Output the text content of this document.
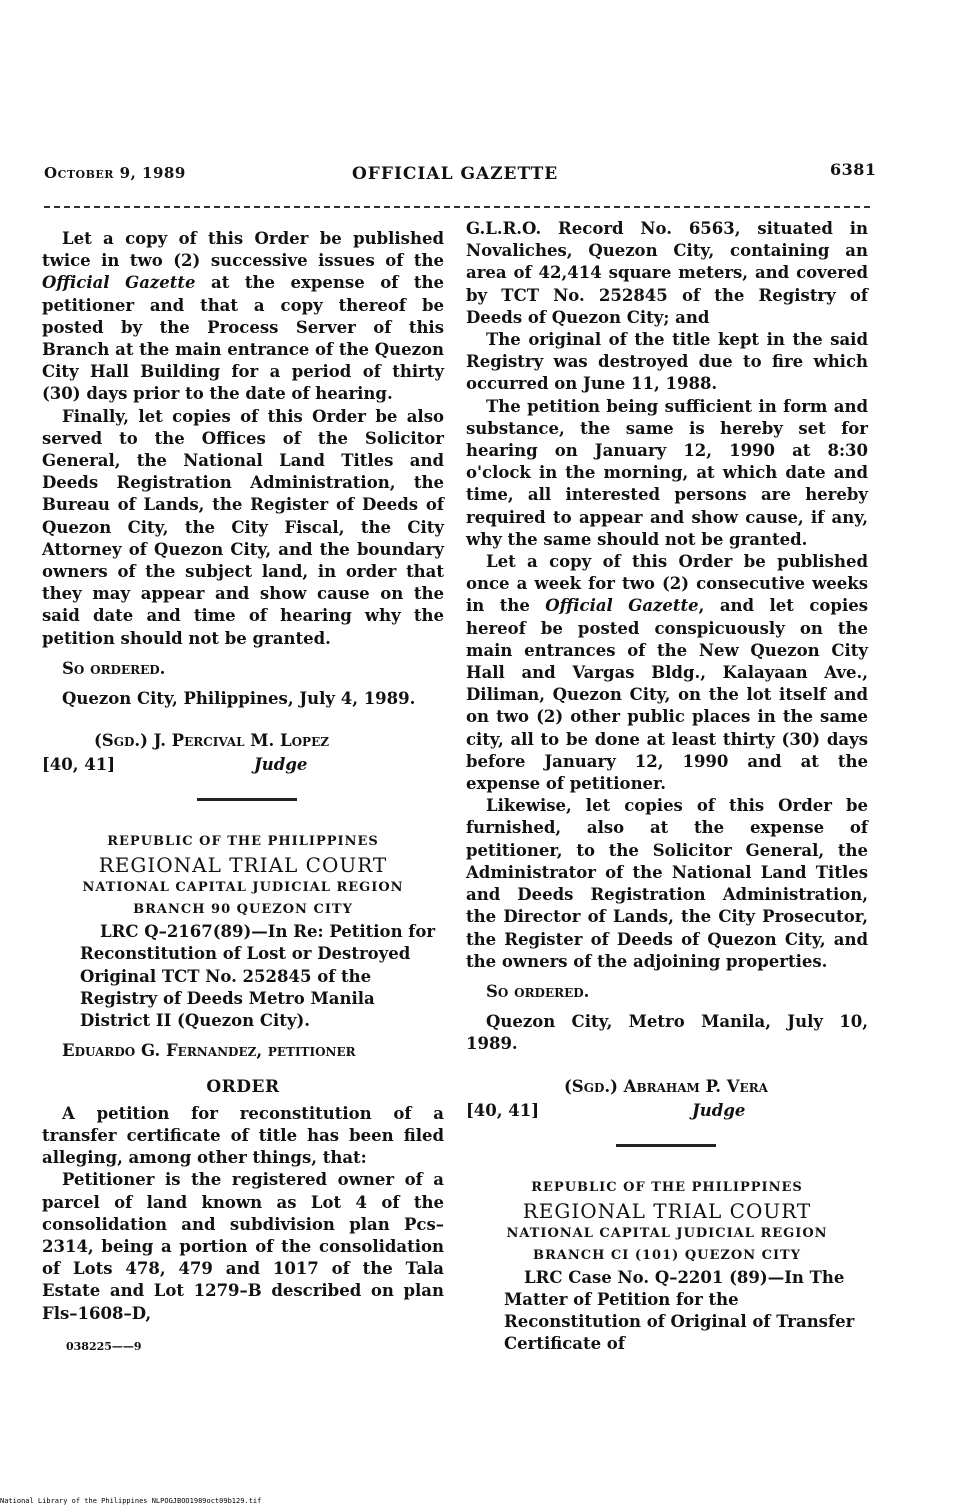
October 9, 1989	OFFICIAL GAZETTE	6381

Let a copy of this Order be published twice in two (2) successive issues of the Official Gazette at the expense of the petitioner and that a copy thereof be posted by the Process Server of this Branch at the main entrance of the Quezon City Hall Building for a period of thirty (30) days prior to the date of hearing.

Finally, let copies of this Order be also served to the Offices of the Solicitor General, the National Land Titles and Deeds Registration Administration, the Bureau of Lands, the Register of Deeds of Quezon City, the City Fiscal, the City Attorney of Quezon City, and the boundary owners of the subject land, in order that they may appear and show cause on the said date and time of hearing why the petition should not be granted.

So ordered.

Quezon City, Philippines, July 4, 1989.

(Sgd.) J. Percival M. Lopez
[40, 41]	Judge
REPUBLIC OF THE PHILIPPINES
REGIONAL TRIAL COURT
NATIONAL CAPITAL JUDICIAL REGION
BRANCH 90 QUEZON CITY

LRC Q–2167(89)—In Re: Petition for Reconstitution of Lost or Destroyed Original TCT No. 252845 of the Registry of Deeds Metro Manila District II (Quezon City).

Eduardo G. Fernandez, petitioner

ORDER

A petition for reconstitution of a transfer certificate of title has been filed alleging, among other things, that:

Petitioner is the registered owner of a parcel of land known as Lot 4 of the consolidation and subdivision plan Pcs–2314, being a portion of the consolidation of Lots 478, 479 and 1017 of the Tala Estate and Lot 1279–B described on plan Fls–1608–D,

038225——9

G.L.R.O. Record No. 6563, situated in Novaliches, Quezon City, containing an area of 42,414 square meters, and covered by TCT No. 252845 of the Registry of Deeds of Quezon City; and

The original of the title kept in the said Registry was destroyed due to fire which occurred on June 11, 1988.

The petition being sufficient in form and substance, the same is hereby set for hearing on January 12, 1990 at 8:30 o'clock in the morning, at which date and time, all interested persons are hereby required to appear and show cause, if any, why the same should not be granted.

Let a copy of this Order be published once a week for two (2) consecutive weeks in the Official Gazette, and let copies hereof be posted conspicuously on the main entrances of the New Quezon City Hall and Vargas Bldg., Kalayaan Ave., Diliman, Quezon City, on the lot itself and on two (2) other public places in the same city, all to be done at least thirty (30) days before January 12, 1990 and at the expense of petitioner.

Likewise, let copies of this Order be furnished, also at the expense of petitioner, to the Solicitor General, the Administrator of the National Land Titles and Deeds Registration Administration, the Director of Lands, the City Prosecutor, the Register of Deeds of Quezon City, and the owners of the adjoining properties.

So ordered.

Quezon City, Metro Manila, July 10, 1989.

(Sgd.) Abraham P. Vera
[40, 41]	Judge
REPUBLIC OF THE PHILIPPINES
REGIONAL TRIAL COURT
NATIONAL CAPITAL JUDICIAL REGION
BRANCH CI (101) QUEZON CITY

LRC Case No. Q–2201 (89)—In The Matter of Petition for the Reconstitution of Original of Transfer Certificate of

National Library of the Philippines NLPOGJBOO1989oct09b129.tif
